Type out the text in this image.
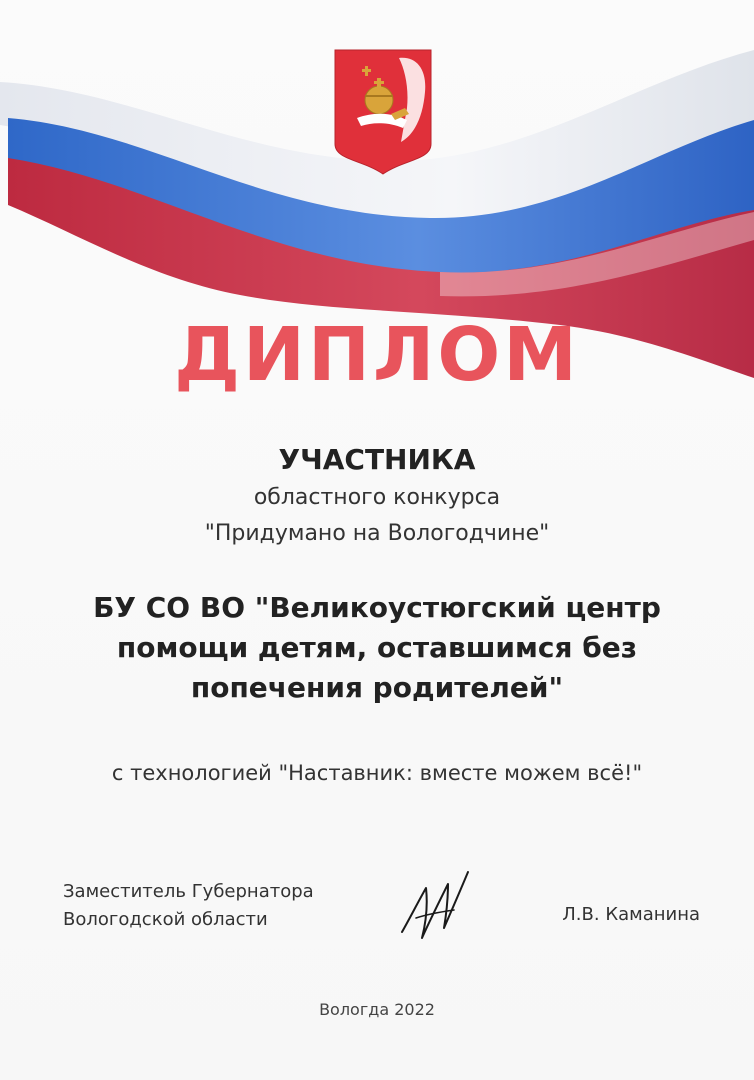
ДИПЛОМ
УЧАСТНИКА
областного конкурса
"Придумано на Вологодчине"
БУ СО ВО "Великоустюгский центр
помощи детям, оставшимся без
попечения родителей"
с технологией "Наставник: вместе можем всё!"
Заместитель Губернатора
Вологодской области	Л.В. Каманина
Вологда 2022
